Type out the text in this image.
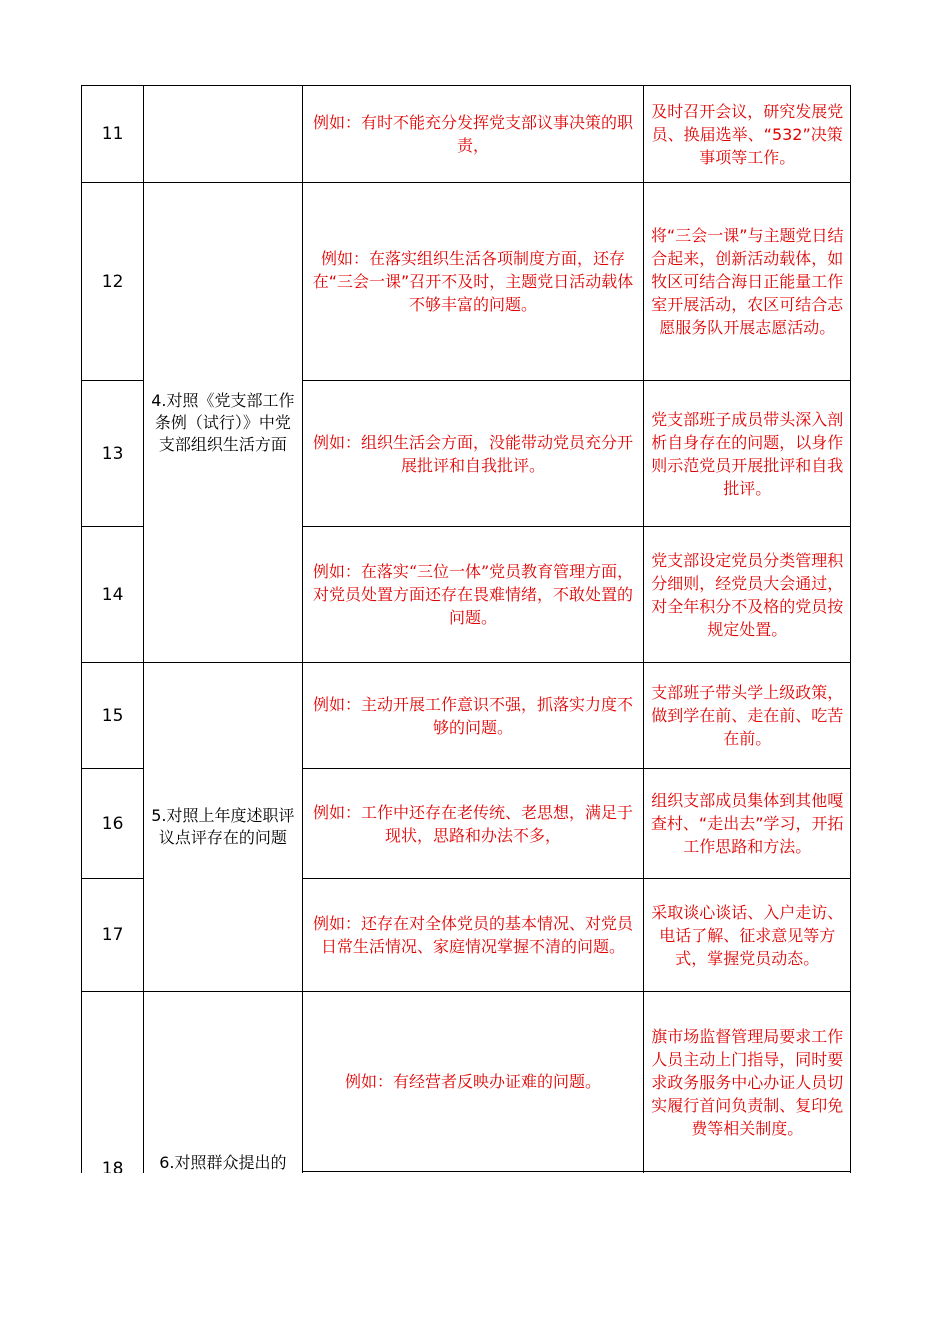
11		例如：有时不能充分发挥党支部议事决策的职责，	及时召开会议，研究发展党员、换届选举、“532”决策事项等工作。
12	4.对照《党支部工作条例（试行）》中党支部组织生活方面	例如：在落实组织生活各项制度方面，还存在“三会一课”召开不及时，主题党日活动载体不够丰富的问题。	将“三会一课”与主题党日结合起来，创新活动载体，如牧区可结合海日正能量工作室开展活动，农区可结合志愿服务队开展志愿活动。
13		例如：组织生活会方面，没能带动党员充分开展批评和自我批评。	党支部班子成员带头深入剖析自身存在的问题，以身作则示范党员开展批评和自我批评。
14		例如：在落实“三位一体”党员教育管理方面，对党员处置方面还存在畏难情绪，不敢处置的问题。	党支部设定党员分类管理积分细则，经党员大会通过，对全年积分不及格的党员按规定处置。
15	5.对照上年度述职评议点评存在的问题	例如：主动开展工作意识不强，抓落实力度不够的问题。	支部班子带头学上级政策，做到学在前、走在前、吃苦在前。
16		例如：工作中还存在老传统、老思想，满足于现状，思路和办法不多，	组织支部成员集体到其他嘎查村、“走出去”学习，开拓工作思路和方法。
17		例如：还存在对全体党员的基本情况、对党员日常生活情况、家庭情况掌握不清的问题。	采取谈心谈话、入户走访、电话了解、征求意见等方式，掌握党员动态。
18	6.对照群众提出的	例如：有经营者反映办证难的问题。	旗市场监督管理局要求工作人员主动上门指导，同时要求政务服务中心办证人员切实履行首问负责制、复印免费等相关制度。
